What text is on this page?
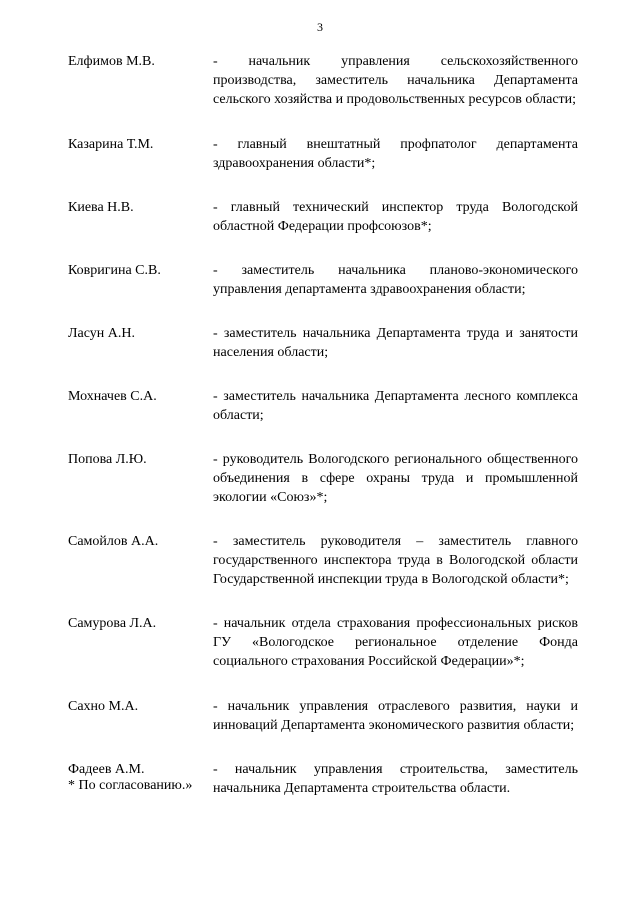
3
Елфимов М.В.	- начальник управления сельскохозяйственного производства, заместитель начальника Департамента сельского хозяйства и продовольственных ресурсов области;
Казарина Т.М.	- главный внештатный профпатолог департамента здравоохранения области*;
Киева Н.В.	- главный технический инспектор труда Вологодской областной Федерации профсоюзов*;
Ковригина С.В.	- заместитель начальника планово-экономического управления департамента здравоохранения области;
Ласун А.Н.	- заместитель начальника Департамента труда и занятости населения области;
Мохначев С.А.	- заместитель начальника Департамента лесного комплекса области;
Попова Л.Ю.	- руководитель Вологодского регионального общественного объединения в сфере охраны труда и промышленной экологии «Союз»*;
Самойлов А.А.	- заместитель руководителя – заместитель главного государственного инспектора труда в Вологодской области Государственной инспекции труда в Вологодской области*;
Самурова Л.А.	- начальник отдела страхования профессиональных рисков ГУ «Вологодское региональное отделение Фонда социального страхования Российской Федерации»*;
Сахно М.А.	- начальник управления отраслевого развития, науки и инноваций Департамента экономического развития области;
Фадеев А.М.	- начальник управления строительства, заместитель начальника Департамента строительства области.
* По согласованию.»
